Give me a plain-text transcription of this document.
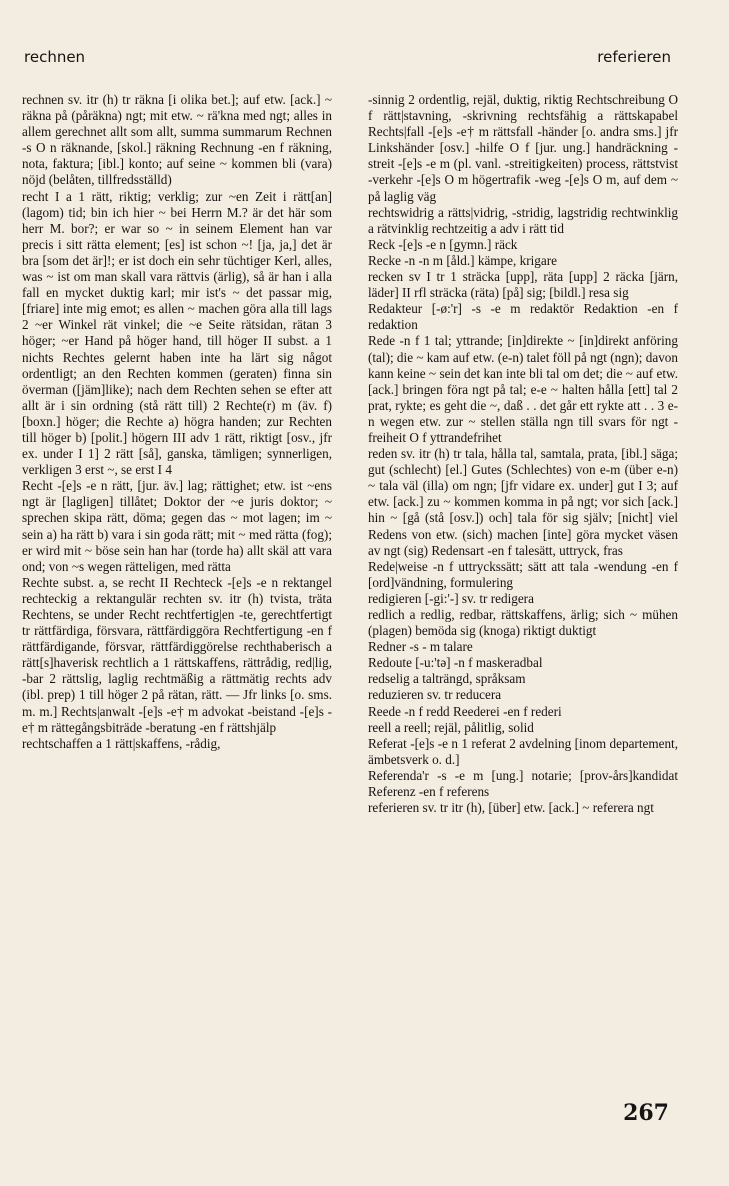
rechnen	referieren

rechnen sv. itr (h) tr räkna [i olika bet.]; auf etw. [ack.] ~ räkna på (påräkna) ngt; mit etw. ~ rä'kna med ngt; alles in allem gerechnet allt som allt, summa summarum Rechnen -s O n räknande, [skol.] räkning Rechnung -en f räkning, nota, faktura; [ibl.] konto; auf seine ~ kommen bli (vara) nöjd (belåten, tillfredsställd)

recht I a 1 rätt, riktig; verklig; zur ~en Zeit i rätt[an] (lagom) tid; bin ich hier ~ bei Herrn M.? är det här som herr M. bor?; er war so ~ in seinem Element han var precis i sitt rätta element; [es] ist schon ~! [ja, ja,] det är bra [som det är]!; er ist doch ein sehr tüchtiger Kerl, alles, was ~ ist om man skall vara rättvis (ärlig), så är han i alla fall en mycket duktig karl; mir ist's ~ det passar mig, [friare] inte mig emot; es allen ~ machen göra alla till lags 2 ~er Winkel rät vinkel; die ~e Seite rätsidan, rätan 3 höger; ~er Hand på höger hand, till höger II subst. a 1 nichts Rechtes gelernt haben inte ha lärt sig något ordentligt; an den Rechten kommen (geraten) finna sin överman ([jäm]like); nach dem Rechten sehen se efter att allt är i sin ordning (stå rätt till) 2 Rechte(r) m (äv. f) [boxn.] höger; die Rechte a) högra handen; zur Rechten till höger b) [polit.] högern III adv 1 rätt, riktigt [osv., jfr ex. under I 1] 2 rätt [så], ganska, tämligen; synnerligen, verkligen 3 erst ~, se erst I 4

Recht -[e]s -e n rätt, [jur. äv.] lag; rättighet; etw. ist ~ens ngt är [lagligen] tillåtet; Doktor der ~e juris doktor; ~ sprechen skipa rätt, döma; gegen das ~ mot lagen; im ~ sein a) ha rätt b) vara i sin goda rätt; mit ~ med rätta (fog); er wird mit ~ böse sein han har (torde ha) allt skäl att vara ond; von ~s wegen rätteligen, med rätta

Rechte subst. a, se recht II Rechteck -[e]s -e n rektangel rechteckig a rektangulär rechten sv. itr (h) tvista, träta Rechtens, se under Recht rechtfertig|en -te, gerechtfertigt tr rättfärdiga, försvara, rättfärdiggöra Rechtfertigung -en f rättfärdigande, försvar, rättfärdiggörelse rechthaberisch a rätt[s]haverisk rechtlich a 1 rättskaffens, rättrådig, red|lig, -bar 2 rättslig, laglig rechtmäßig a rättmätig rechts adv (ibl. prep) 1 till höger 2 på rätan, rätt. — Jfr links [o. sms. m. m.] Rechts|anwalt -[e]s -e† m advokat -beistand -[e]s -e† m rättegångsbiträde -beratung -en f rättshjälp

rechtschaffen a 1 rätt|skaffens, -rådig,

-sinnig 2 ordentlig, rejäl, duktig, riktig Rechtschreibung O f rätt|stavning, -skrivning rechtsfähig a rättskapabel Rechts|fall -[e]s -e† m rättsfall -händer [o. andra sms.] jfr Linkshänder [osv.] -hilfe O f [jur. ung.] handräckning -streit -[e]s -e m (pl. vanl. -streitigkeiten) process, rättstvist -verkehr -[e]s O m högertrafik -weg -[e]s O m, auf dem ~ på laglig väg

rechtswidrig a rätts|vidrig, -stridig, lagstridig rechtwinklig a rätvinklig rechtzeitig a adv i rätt tid

Reck -[e]s -e n [gymn.] räck

Recke -n -n m [åld.] kämpe, krigare

recken sv I tr 1 sträcka [upp], räta [upp] 2 räcka [järn, läder] II rfl sträcka (räta) [på] sig; [bildl.] resa sig

Redakteur [-ø:'r] -s -e m redaktör Redaktion -en f redaktion

Rede -n f 1 tal; yttrande; [in]direkte ~ [in]direkt anföring (tal); die ~ kam auf etw. (e-n) talet föll på ngt (ngn); davon kann keine ~ sein det kan inte bli tal om det; die ~ auf etw. [ack.] bringen föra ngt på tal; e-e ~ halten hålla [ett] tal 2 prat, rykte; es geht die ~, daß . . det går ett rykte att . . 3 e-n wegen etw. zur ~ stellen ställa ngn till svars för ngt -freiheit O f yttrandefrihet

reden sv. itr (h) tr tala, hålla tal, samtala, prata, [ibl.] säga; gut (schlecht) [el.] Gutes (Schlechtes) von e-m (über e-n) ~ tala väl (illa) om ngn; [jfr vidare ex. under] gut I 3; auf etw. [ack.] zu ~ kommen komma in på ngt; vor sich [ack.] hin ~ [gå (stå [osv.]) och] tala för sig själv; [nicht] viel Redens von etw. (sich) machen [inte] göra mycket väsen av ngt (sig) Redensart -en f talesätt, uttryck, fras

Rede|weise -n f uttryckssätt; sätt att tala -wendung -en f [ord]vändning, formulering

redigieren [-gi:'-] sv. tr redigera

redlich a redlig, redbar, rättskaffens, ärlig; sich ~ mühen (plagen) bemöda sig (knoga) riktigt duktigt

Redner -s - m talare

Redoute [-u:'tə] -n f maskeradbal

redselig a talträngd, språksam

reduzieren sv. tr reducera

Reede -n f redd Reederei -en f rederi

reell a reell; rejäl, pålitlig, solid

Referat -[e]s -e n 1 referat 2 avdelning [inom departement, ämbetsverk o. d.]

Referenda'r -s -e m [ung.] notarie; [prov-års]kandidat Referenz -en f referens

referieren sv. tr itr (h), [über] etw. [ack.] ~ referera ngt

267
